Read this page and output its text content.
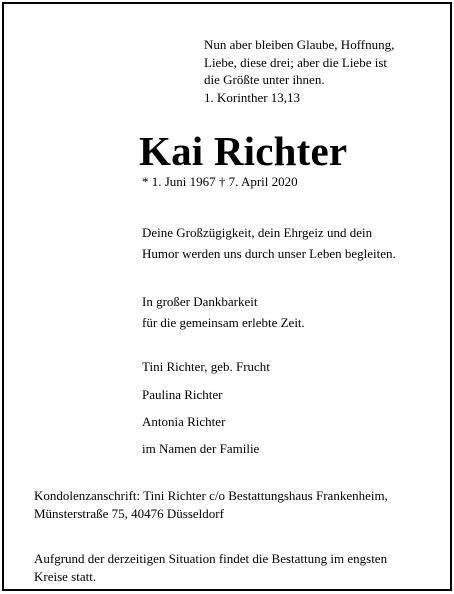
Nun aber bleiben Glaube, Hoffnung,
Liebe, diese drei; aber die Liebe ist
die Größte unter ihnen.
1. Korinther 13,13
Kai Richter
* 1. Juni 1967 † 7. April 2020
Deine Großzügigkeit, dein Ehrgeiz und dein
Humor werden uns durch unser Leben begleiten.
In großer Dankbarkeit
für die gemeinsam erlebte Zeit.
Tini Richter, geb. Frucht
Paulina Richter
Antonia Richter
im Namen der Familie
Kondolenzanschrift: Tini Richter c/o Bestattungshaus Frankenheim,
Münsterstraße 75, 40476 Düsseldorf
Aufgrund der derzeitigen Situation findet die Bestattung im engsten
Kreise statt.
